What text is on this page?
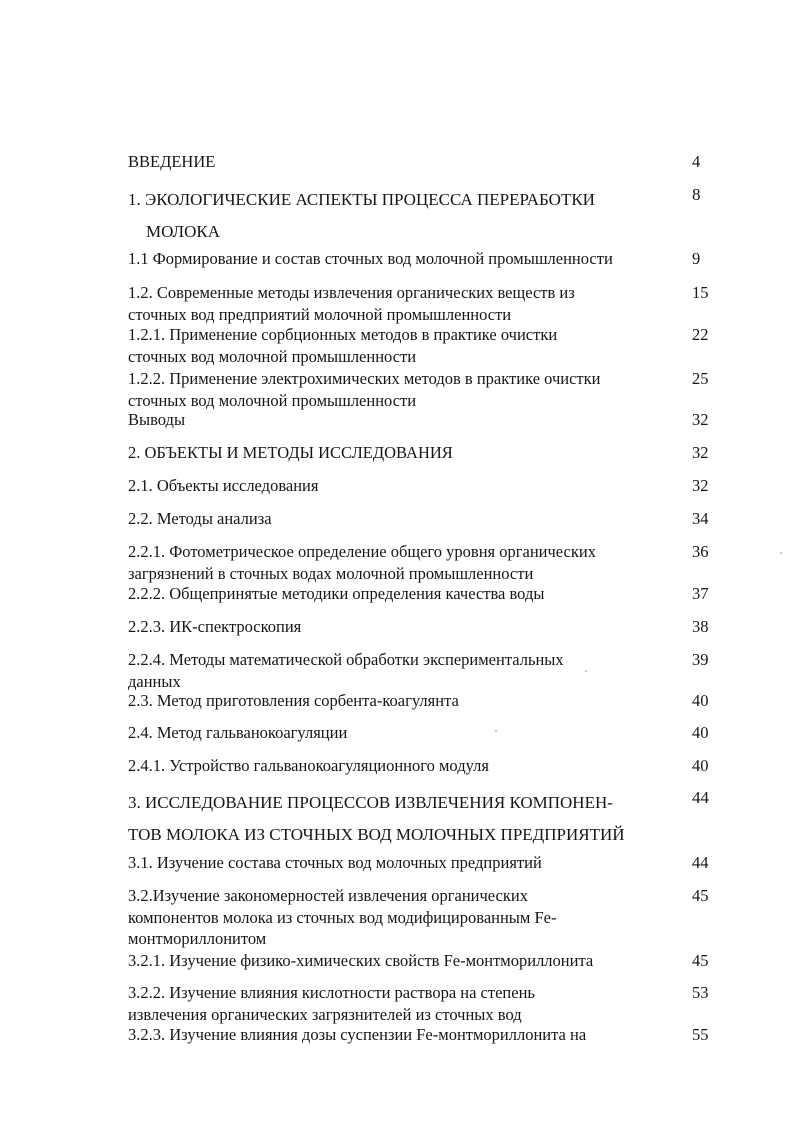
ВВЕДЕНИЕ	4
1. ЭКОЛОГИЧЕСКИЕ АСПЕКТЫ ПРОЦЕССА ПЕРЕРАБОТКИ
МОЛОКА
8
1.1 Формирование и состав сточных вод молочной промышленности	9
1.2. Современные методы извлечения органических веществ из
сточных вод предприятий молочной промышленности
15
1.2.1. Применение сорбционных методов в практике очистки
сточных вод молочной промышленности
22
1.2.2. Применение электрохимических методов в практике очистки
сточных вод молочной промышленности
25
Выводы	32
2. ОБЪЕКТЫ И МЕТОДЫ ИССЛЕДОВАНИЯ	32
2.1. Объекты исследования	32
2.2. Методы анализа	34
2.2.1. Фотометрическое определение общего уровня органических
загрязнений в сточных водах молочной промышленности
36
2.2.2. Общепринятые методики определения качества воды	37
2.2.3. ИК-спектроскопия	38
2.2.4. Методы математической обработки экспериментальных
данных
39
2.3. Метод приготовления сорбента-коагулянта	40
2.4. Метод гальванокоагуляции	40
2.4.1. Устройство гальванокоагуляционного модуля	40
3. ИССЛЕДОВАНИЕ ПРОЦЕССОВ ИЗВЛЕЧЕНИЯ КОМПОНЕН-
ТОВ МОЛОКА ИЗ СТОЧНЫХ ВОД МОЛОЧНЫХ ПРЕДПРИЯТИЙ
44
3.1. Изучение состава сточных вод молочных предприятий	44
3.2.Изучение закономерностей извлечения органических
компонентов молока из сточных вод модифицированным Fe-
монтмориллонитом
45
3.2.1. Изучение физико-химических свойств Fe-монтмориллонита	45
3.2.2. Изучение влияния кислотности раствора на степень
извлечения органических загрязнителей из сточных вод
53
3.2.3. Изучение влияния дозы суспензии Fe-монтмориллонита на	55
